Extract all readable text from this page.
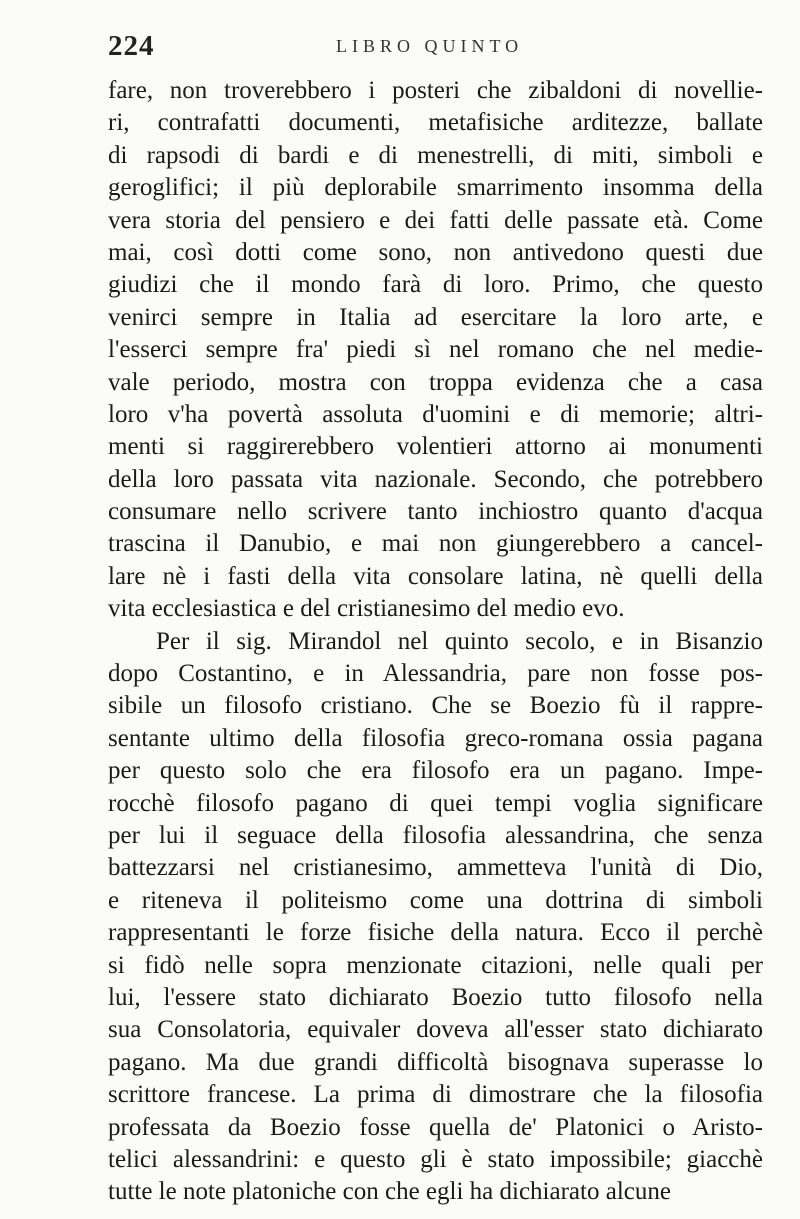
224	LIBRO QUINTO
fare, non troverebbero i posteri che zibaldoni di novellie-
ri, contrafatti documenti, metafisiche arditezze, ballate
di rapsodi di bardi e di menestrelli, di miti, simboli e
geroglifici; il più deplorabile smarrimento insomma della
vera storia del pensiero e dei fatti delle passate età. Come
mai, così dotti come sono, non antivedono questi due
giudizi che il mondo farà di loro. Primo, che questo
venirci sempre in Italia ad esercitare la loro arte, e
l'esserci sempre fra' piedi sì nel romano che nel medie-
vale periodo, mostra con troppa evidenza che a casa
loro v'ha povertà assoluta d'uomini e di memorie; altri-
menti si raggirerebbero volentieri attorno ai monumenti
della loro passata vita nazionale. Secondo, che potrebbero
consumare nello scrivere tanto inchiostro quanto d'acqua
trascina il Danubio, e mai non giungerebbero a cancel-
lare nè i fasti della vita consolare latina, nè quelli della
vita ecclesiastica e del cristianesimo del medio evo.
Per il sig. Mirandol nel quinto secolo, e in Bisanzio
dopo Costantino, e in Alessandria, pare non fosse pos-
sibile un filosofo cristiano. Che se Boezio fù il rappre-
sentante ultimo della filosofia greco-romana ossia pagana
per questo solo che era filosofo era un pagano. Impe-
rocchè filosofo pagano di quei tempi voglia significare
per lui il seguace della filosofia alessandrina, che senza
battezzarsi nel cristianesimo, ammetteva l'unità di Dio,
e riteneva il politeismo come una dottrina di simboli
rappresentanti le forze fisiche della natura. Ecco il perchè
si fidò nelle sopra menzionate citazioni, nelle quali per
lui, l'essere stato dichiarato Boezio tutto filosofo nella
sua Consolatoria, equivaler doveva all'esser stato dichiarato
pagano. Ma due grandi difficoltà bisognava superasse lo
scrittore francese. La prima di dimostrare che la filosofia
professata da Boezio fosse quella de' Platonici o Aristo-
telici alessandrini: e questo gli è stato impossibile; giacchè
tutte le note platoniche con che egli ha dichiarato alcune
